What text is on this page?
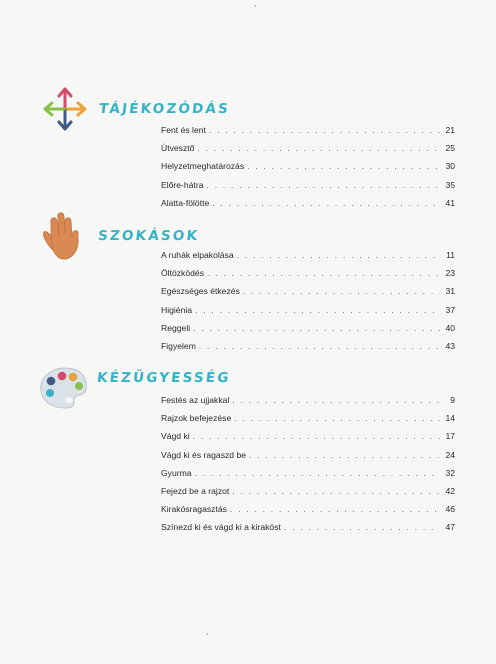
TÁJÉKOZÓDÁS
Fent és lent . . .	21
Útvesztő . . .	25
Helyzetmeghatározás . . .	30
Előre-hátra . . .	35
Alatta-fölötte . . .	41
SZOKÁSOK
A ruhák elpakolása . . .	11
Öltözködés . . .	23
Egészséges étkezés . . .	31
Higiénia . . .	37
Reggeli . . .	40
Figyelem . . .	43
KÉZÜGYESSÉG
Festés az ujjakkal . . .	9
Rajzok befejezése . . .	14
Vágd ki . . .	17
Vágd ki és ragaszd be . . .	24
Gyurma . . .	32
Fejezd be a rajzot . . .	42
Kirakósragasztás . . .	46
Színezd ki és vágd ki a kirakóst . . .	47
